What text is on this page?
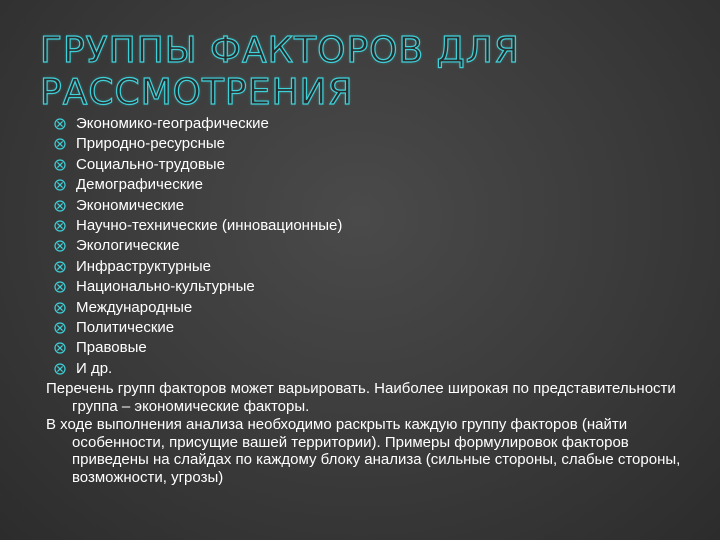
ГРУППЫ ФАКТОРОВ ДЛЯ
РАССМОТРЕНИЯ
Экономико-географические
Природно-ресурсные
Социально-трудовые
Демографические
Экономические
Научно-технические (инновационные)
Экологические
Инфраструктурные
Национально-культурные
Международные
Политические
Правовые
И др.

Перечень групп факторов может варьировать. Наиболее широкая по представительности группа – экономические факторы.

В ходе выполнения анализа необходимо раскрыть каждую группу факторов (найти особенности, присущие вашей территории). Примеры формулировок факторов приведены на слайдах по каждому блоку анализа (сильные стороны, слабые стороны, возможности, угрозы)
